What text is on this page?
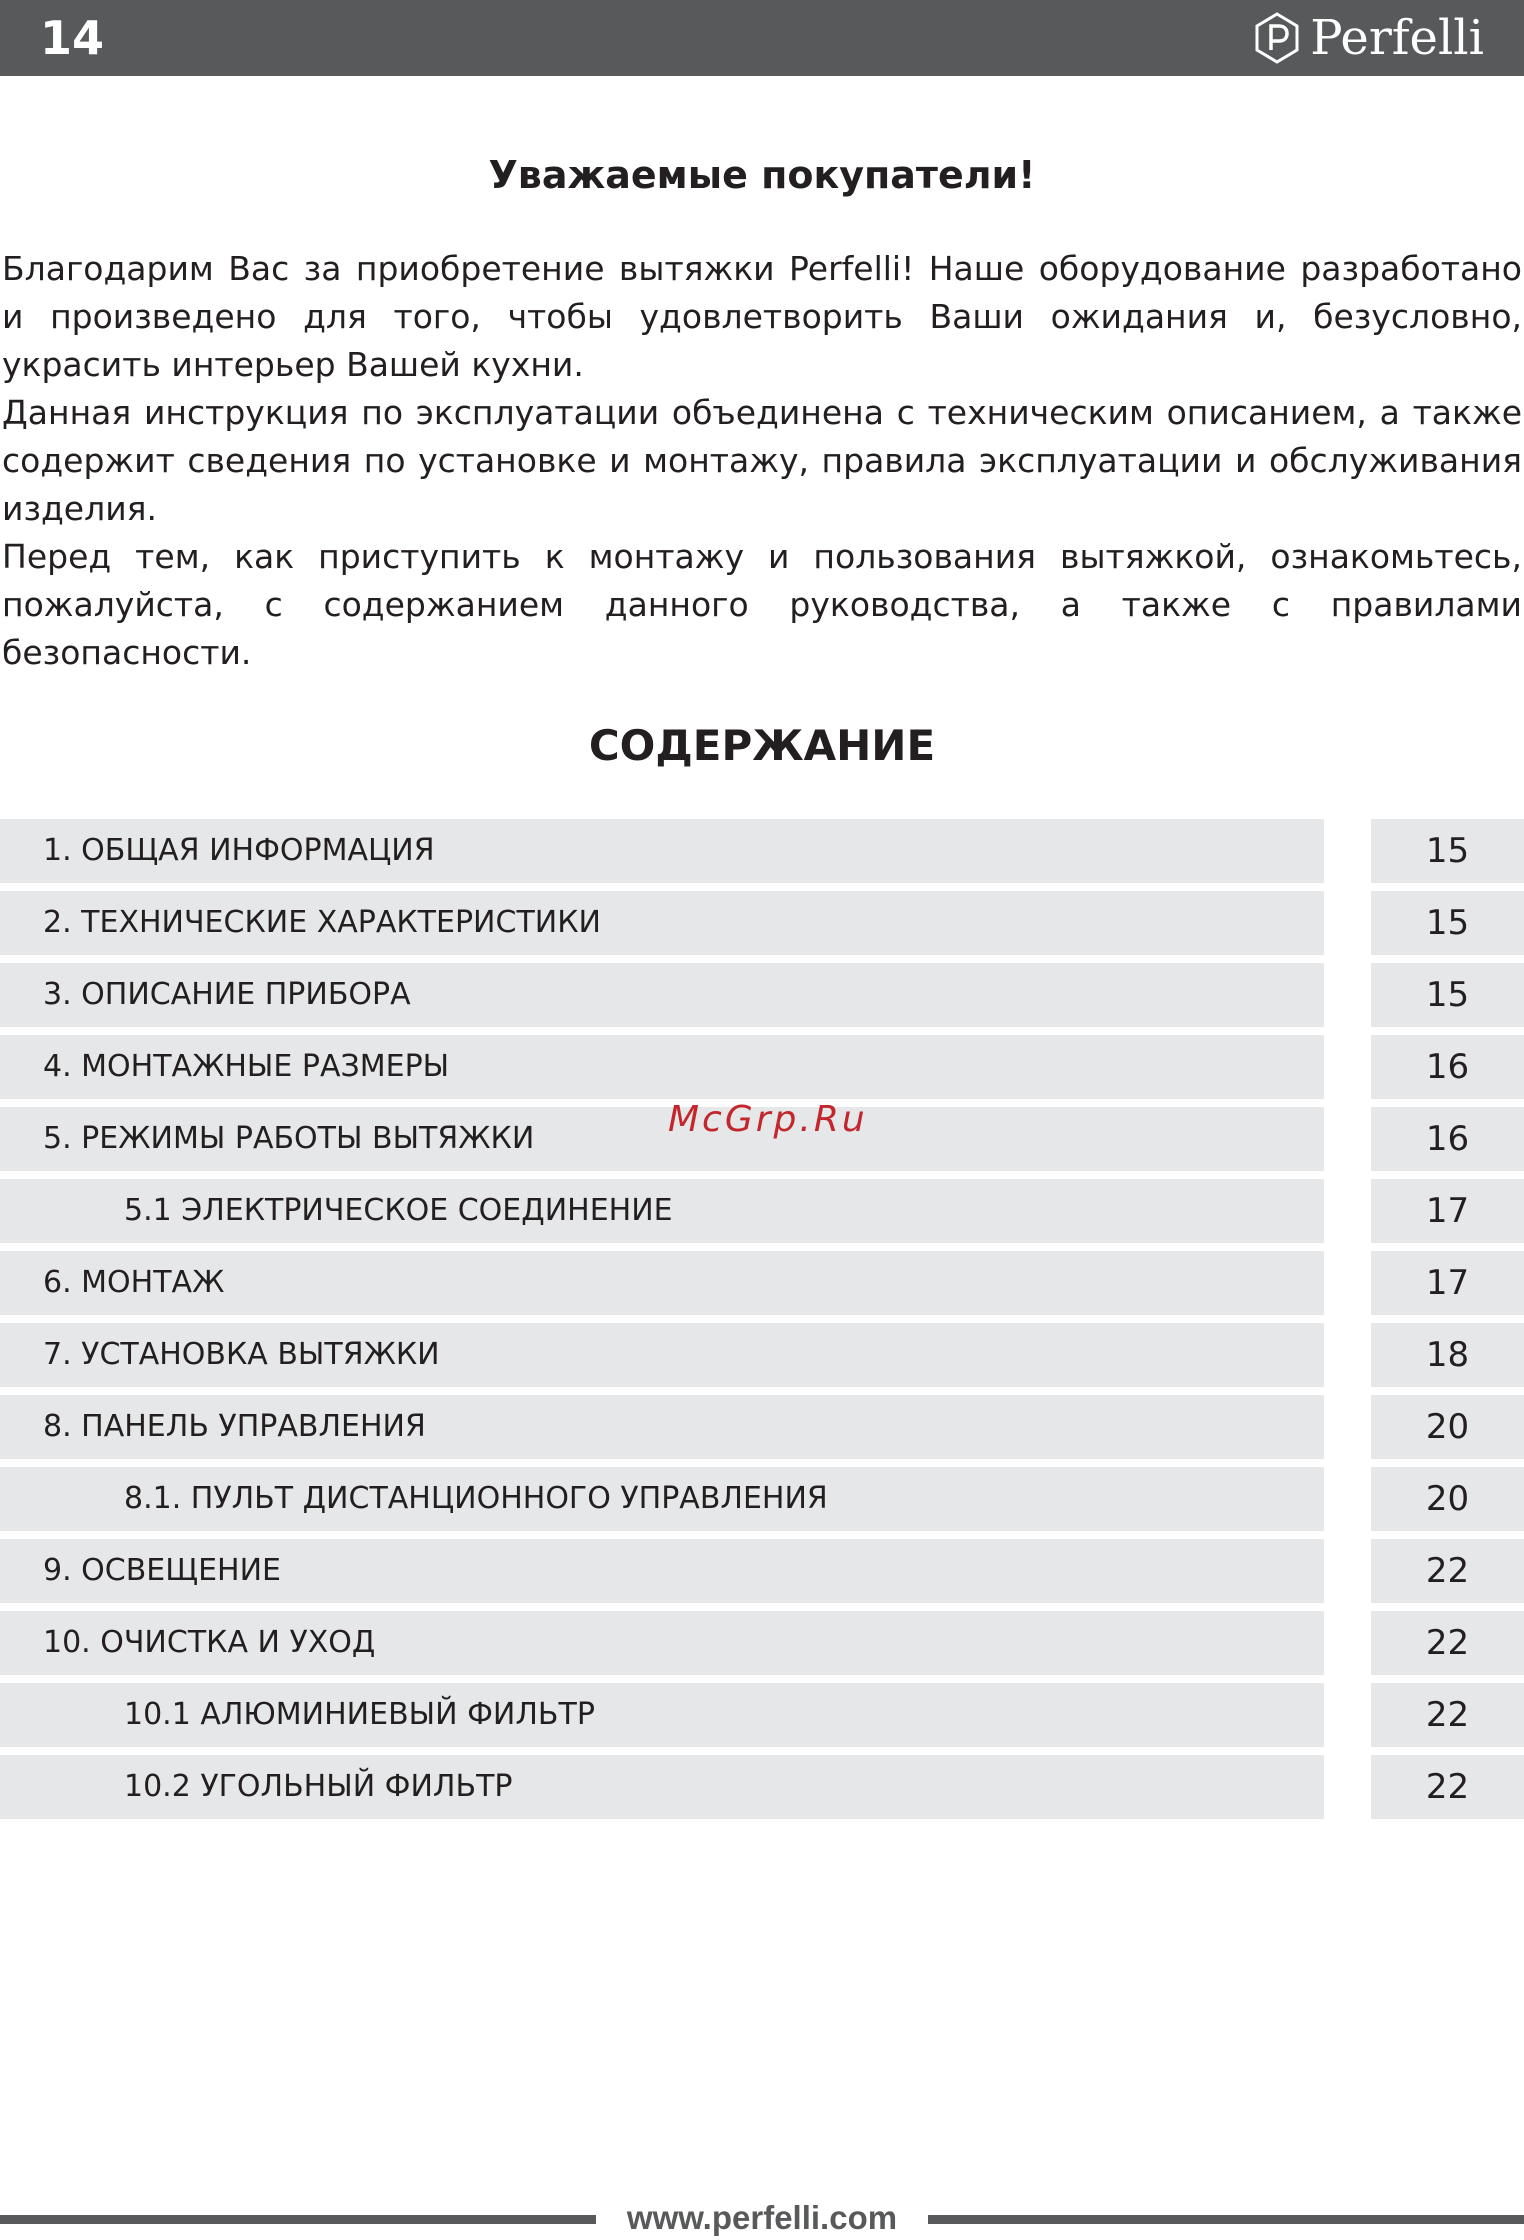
14	Perfelli
Уважаемые покупатели!

Благодарим Вас за приобретение вытяжки Perfelli! Наше оборудование разработано и произведено для того, чтобы удовлетворить Ваши ожидания и, безусловно, украсить интерьер Вашей кухни.

Данная инструкция по эксплуатации объединена с техническим описанием, а также содержит сведения по установке и монтажу, правила эксплуатации и обслуживания изделия.

Перед тем, как приступить к монтажу и пользования вытяжкой, ознакомьтесь, пожалуйста, с содержанием данного руководства, а также с правилами безопасности.

СОДЕРЖАНИЕ
1. ОБЩАЯ ИНФОРМАЦИЯ	15
2. ТЕХНИЧЕСКИЕ ХАРАКТЕРИСТИКИ	15
3. ОПИСАНИЕ ПРИБОРА	15
4. МОНТАЖНЫЕ РАЗМЕРЫ	16
5. РЕЖИМЫ РАБОТЫ ВЫТЯЖКИ	16
5.1 ЭЛЕКТРИЧЕСКОЕ СОЕДИНЕНИЕ	17
6. МОНТАЖ	17
7. УСТАНОВКА ВЫТЯЖКИ	18
8. ПАНЕЛЬ УПРАВЛЕНИЯ	20
8.1. ПУЛЬТ ДИСТАНЦИОННОГО УПРАВЛЕНИЯ	20
9. ОСВЕЩЕНИЕ	22
10. ОЧИСТКА И УХОД	22
10.1 АЛЮМИНИЕВЫЙ ФИЛЬТР	22
10.2 УГОЛЬНЫЙ ФИЛЬТР	22
McGrp.Ru
www.perfelli.com
